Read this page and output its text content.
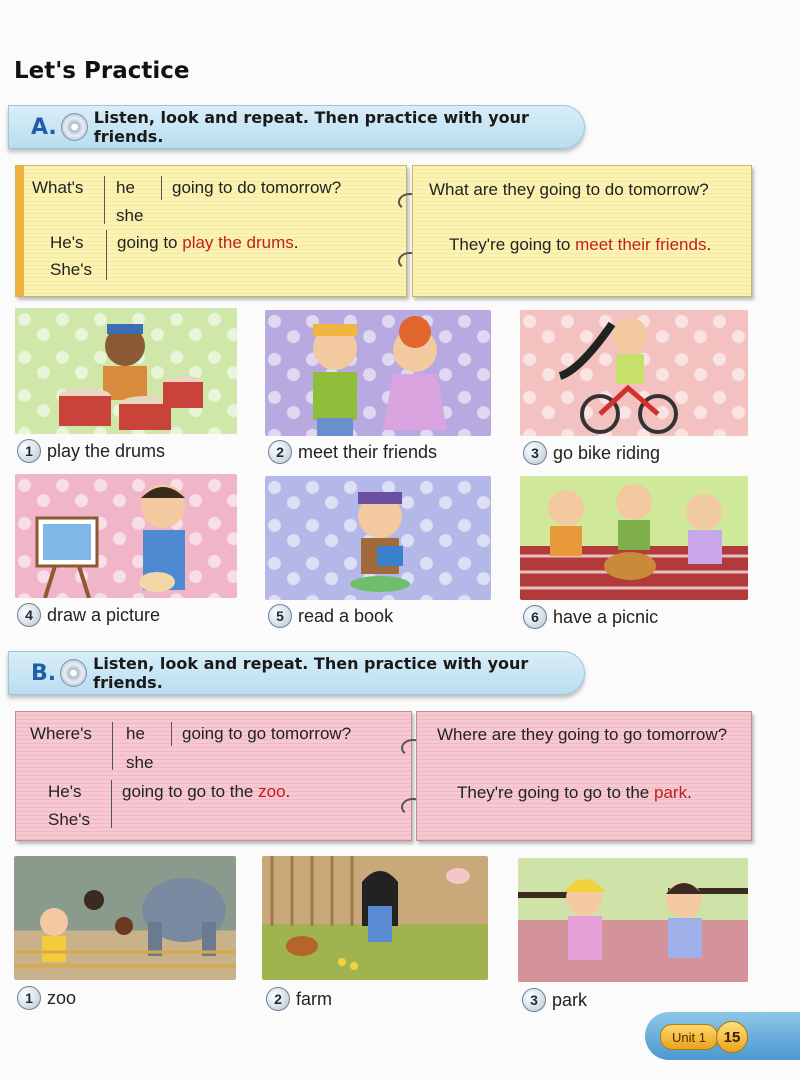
Let's Practice
A. Listen, look and repeat. Then practice with your friends.
What's he
she
going to do tomorrow?
He's
She's
going to play the drums.
What are they going to do tomorrow?
They're going to meet their friends.
1 play the drums	2 meet their friends	3 go bike riding
4 draw a picture	5 read a book	6 have a picnic
B. Listen, look and repeat. Then practice with your friends.
Where's he
she
going to go tomorrow?
He's
She's
going to go to the zoo.
Where are they going to go tomorrow?
They're going to go to the park.
1 zoo	2 farm	3 park
Unit 1	15
